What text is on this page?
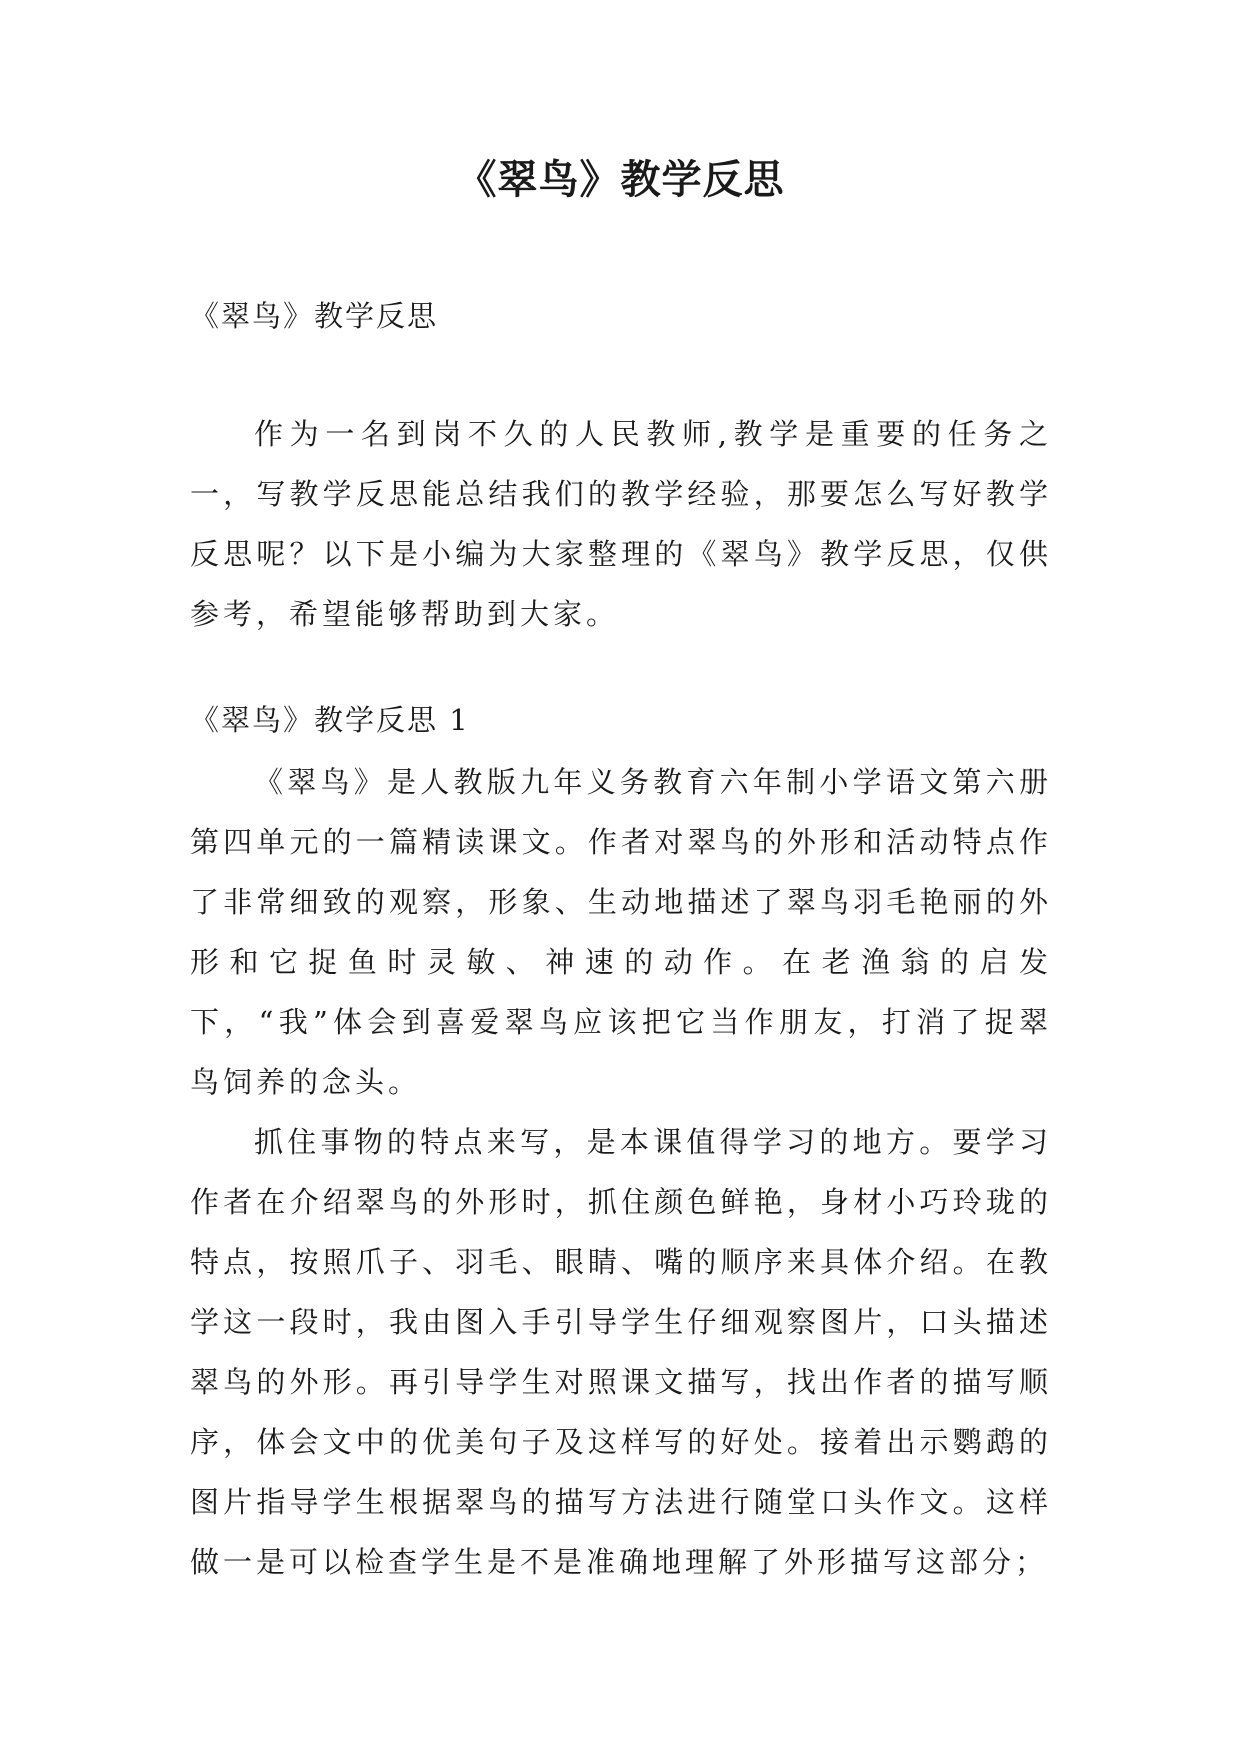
《翠鸟》教学反思
《翠鸟》教学反思

作为一名到岗不久的人民教师,教学是重要的任务之一，写教学反思能总结我们的教学经验，那要怎么写好教学反思呢？以下是小编为大家整理的《翠鸟》教学反思，仅供参考，希望能够帮助到大家。

《翠鸟》教学反思 1

《翠鸟》是人教版九年义务教育六年制小学语文第六册第四单元的一篇精读课文。作者对翠鸟的外形和活动特点作了非常细致的观察，形象、生动地描述了翠鸟羽毛艳丽的外形和它捉鱼时灵敏、神速的动作。在老渔翁的启发下，“我”体会到喜爱翠鸟应该把它当作朋友，打消了捉翠鸟饲养的念头。

抓住事物的特点来写，是本课值得学习的地方。要学习作者在介绍翠鸟的外形时，抓住颜色鲜艳，身材小巧玲珑的特点，按照爪子、羽毛、眼睛、嘴的顺序来具体介绍。在教学这一段时，我由图入手引导学生仔细观察图片，口头描述翠鸟的外形。再引导学生对照课文描写，找出作者的描写顺序，体会文中的优美句子及这样写的好处。接着出示鹦鹉的图片指导学生根据翠鸟的描写方法进行随堂口头作文。这样做一是可以检查学生是不是准确地理解了外形描写这部分；
